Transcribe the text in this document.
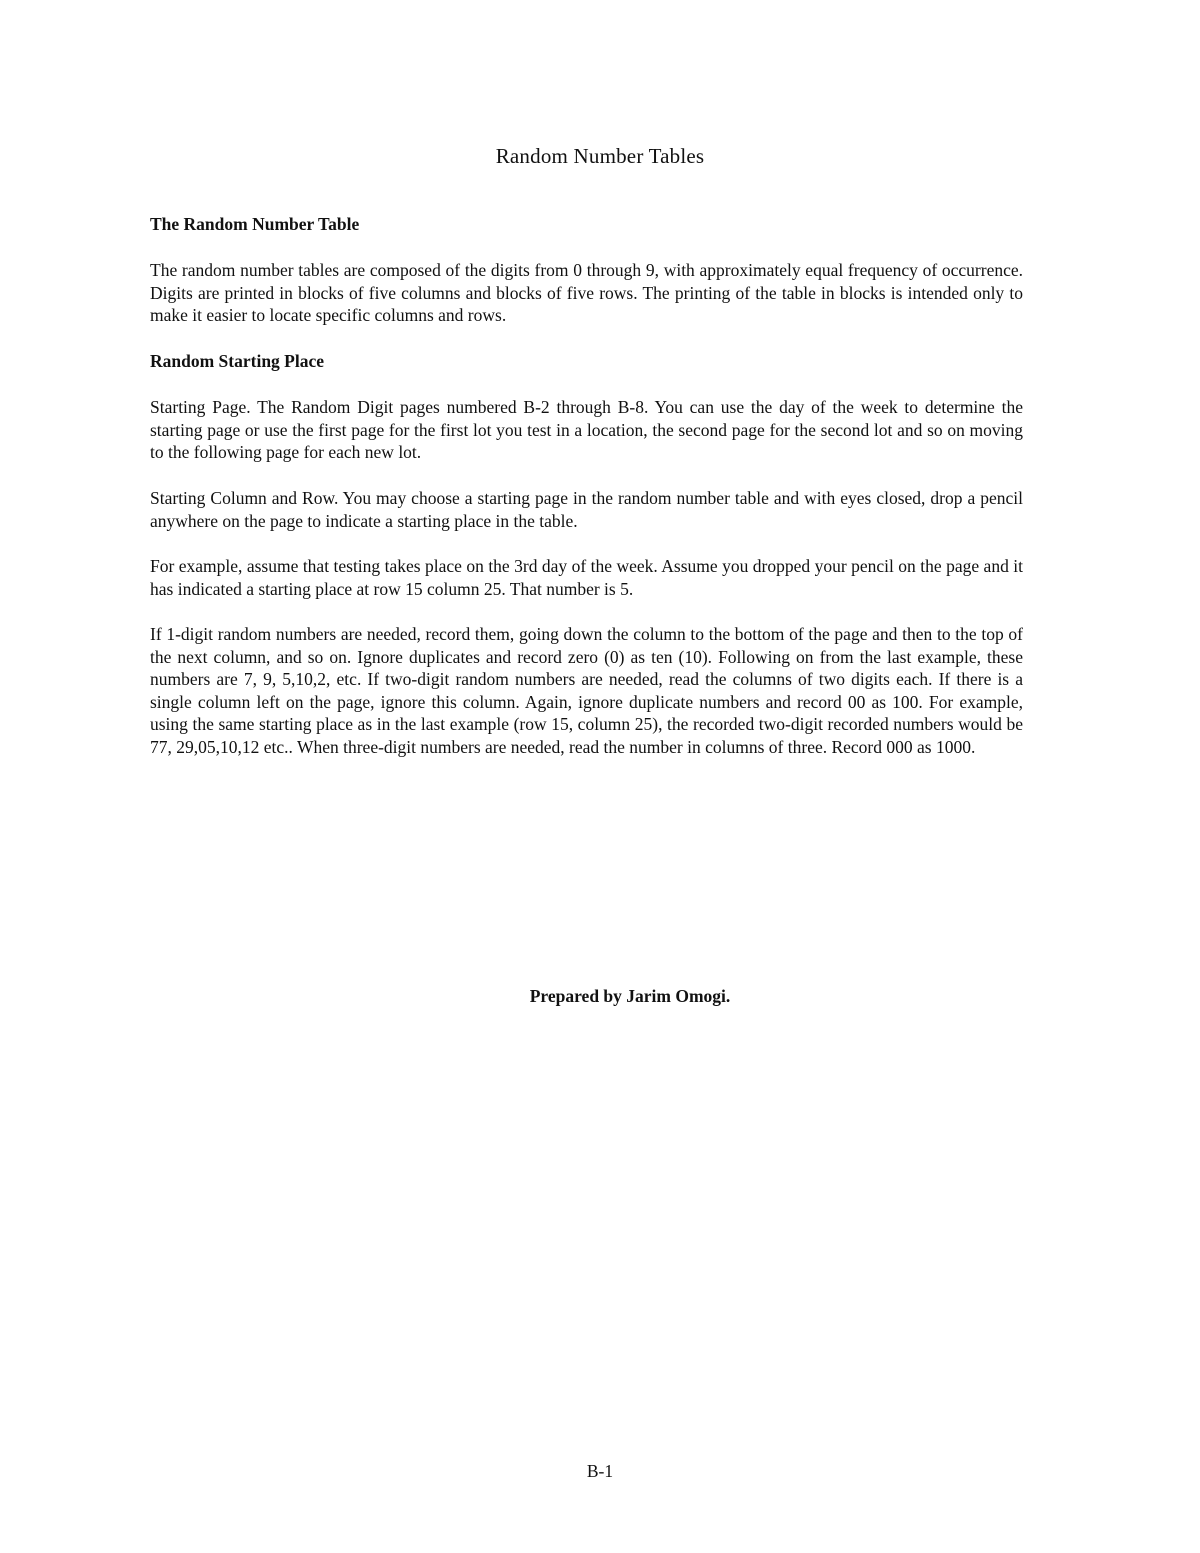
Random Number Tables
The Random Number Table
The random number tables are composed of the digits from 0 through 9, with approximately equal frequency of occurrence. Digits are printed in blocks of five columns and blocks of five rows. The printing of the table in blocks is intended only to make it easier to locate specific columns and rows.
Random Starting Place
Starting Page. The Random Digit pages numbered B-2 through B-8. You can use the day of the week to determine the starting page or use the first page for the first lot you test in a location, the second page for the second lot and so on moving to the following page for each new lot.
Starting Column and Row. You may choose a starting page in the random number table and with eyes closed, drop a pencil anywhere on the page to indicate a starting place in the table.
For example, assume that testing takes place on the 3rd day of the week. Assume you dropped your pencil on the page and it has indicated a starting place at row 15 column 25. That number is 5.
If 1-digit random numbers are needed, record them, going down the column to the bottom of the page and then to the top of the next column, and so on. Ignore duplicates and record zero (0) as ten (10). Following on from the last example, these numbers are 7, 9, 5,10,2, etc. If two-digit random numbers are needed, read the columns of two digits each. If there is a single column left on the page, ignore this column. Again, ignore duplicate numbers and record 00 as 100. For example, using the same starting place as in the last example (row 15, column 25), the recorded two-digit recorded numbers would be 77, 29,05,10,12 etc.. When three-digit numbers are needed, read the number in columns of three. Record 000 as 1000.
Prepared by Jarim Omogi.
B-1
